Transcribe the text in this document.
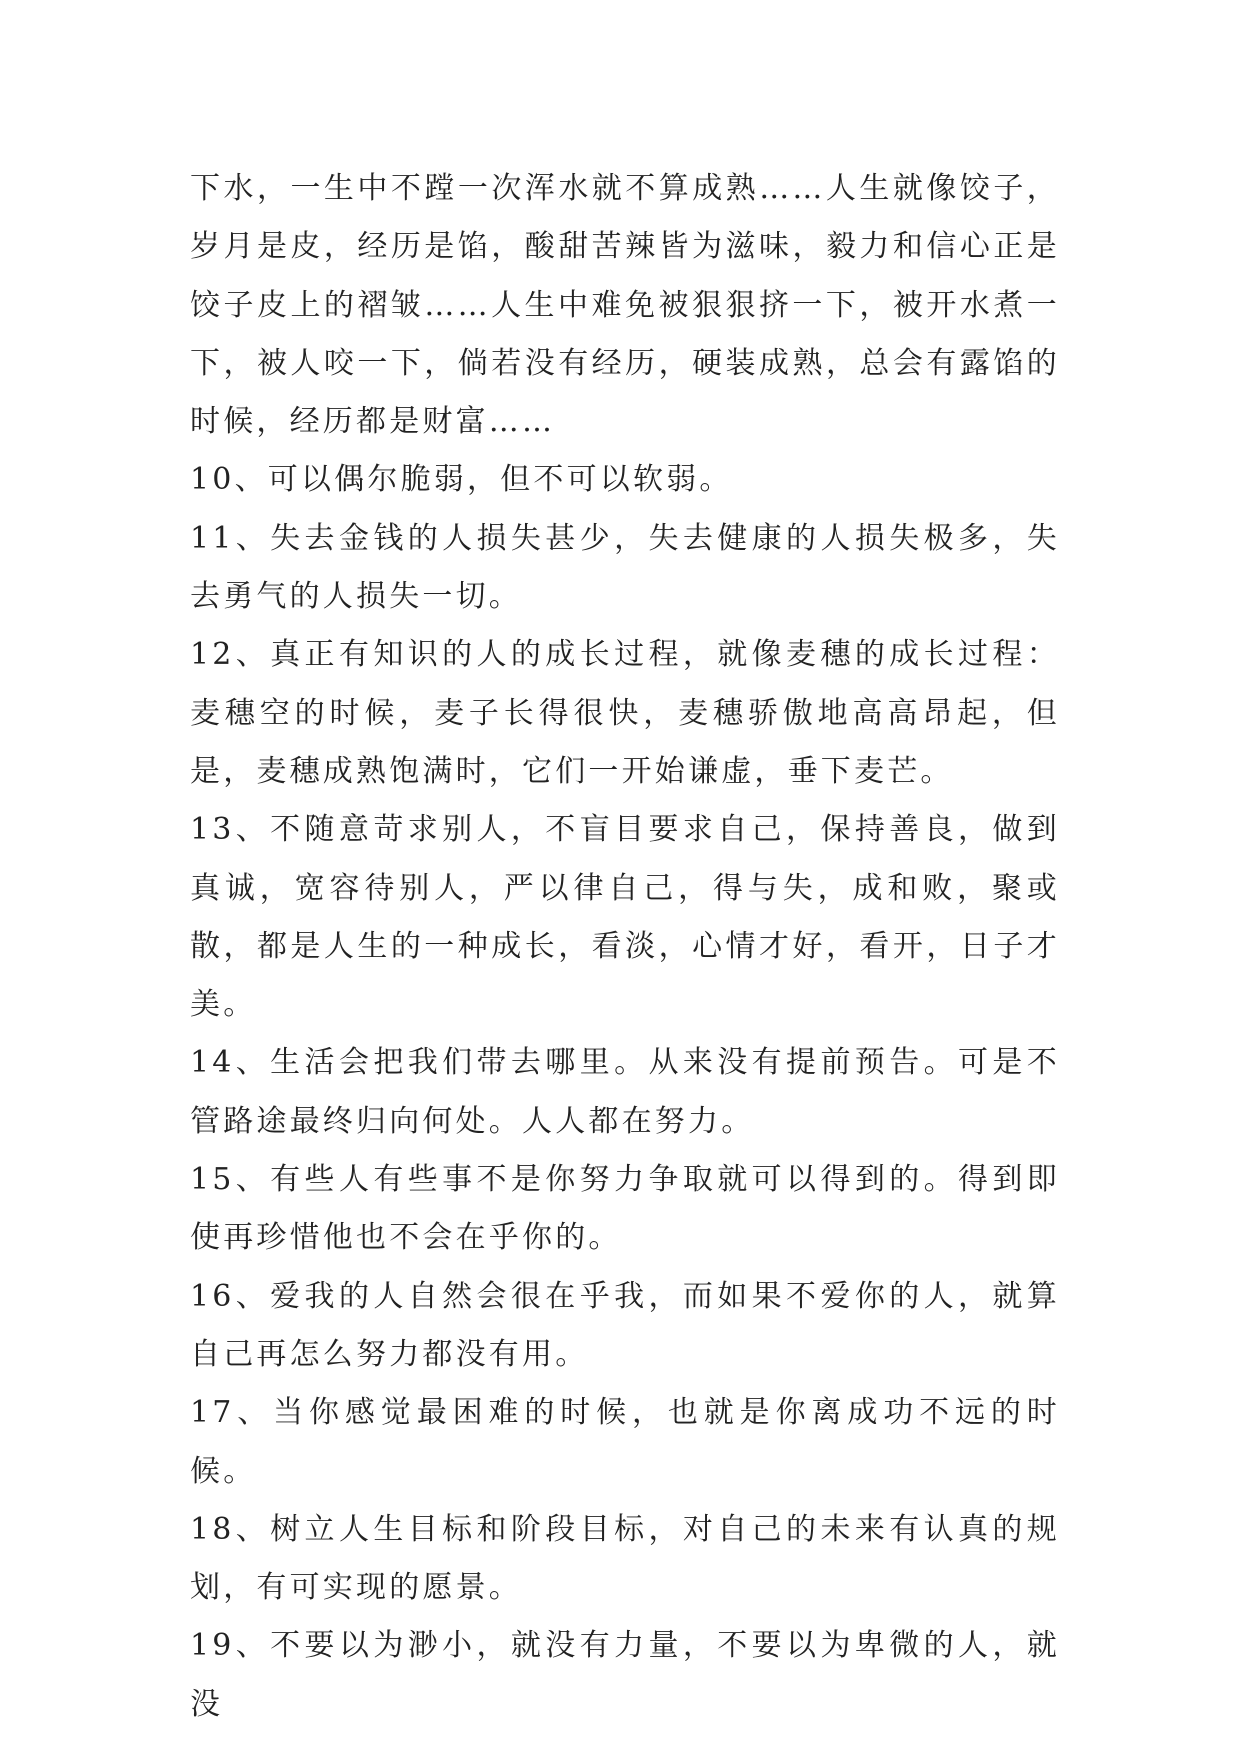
下水，一生中不蹚一次浑水就不算成熟……人生就像饺子，岁月是皮，经历是馅，酸甜苦辣皆为滋味，毅力和信心正是饺子皮上的褶皱……人生中难免被狠狠挤一下，被开水煮一下，被人咬一下，倘若没有经历，硬装成熟，总会有露馅的时候，经历都是财富……

10、可以偶尔脆弱，但不可以软弱。

11、失去金钱的人损失甚少，失去健康的人损失极多，失去勇气的人损失一切。

12、真正有知识的人的成长过程，就像麦穗的成长过程：麦穗空的时候，麦子长得很快，麦穗骄傲地高高昂起，但是，麦穗成熟饱满时，它们一开始谦虚，垂下麦芒。

13、不随意苛求别人，不盲目要求自己，保持善良，做到真诚，宽容待别人，严以律自己，得与失，成和败，聚或散，都是人生的一种成长，看淡，心情才好，看开，日子才美。

14、生活会把我们带去哪里。从来没有提前预告。可是不管路途最终归向何处。人人都在努力。

15、有些人有些事不是你努力争取就可以得到的。得到即使再珍惜他也不会在乎你的。

16、爱我的人自然会很在乎我，而如果不爱你的人，就算自己再怎么努力都没有用。

17、当你感觉最困难的时候，也就是你离成功不远的时候。

18、树立人生目标和阶段目标，对自己的未来有认真的规划，有可实现的愿景。

19、不要以为渺小，就没有力量，不要以为卑微的人，就没
